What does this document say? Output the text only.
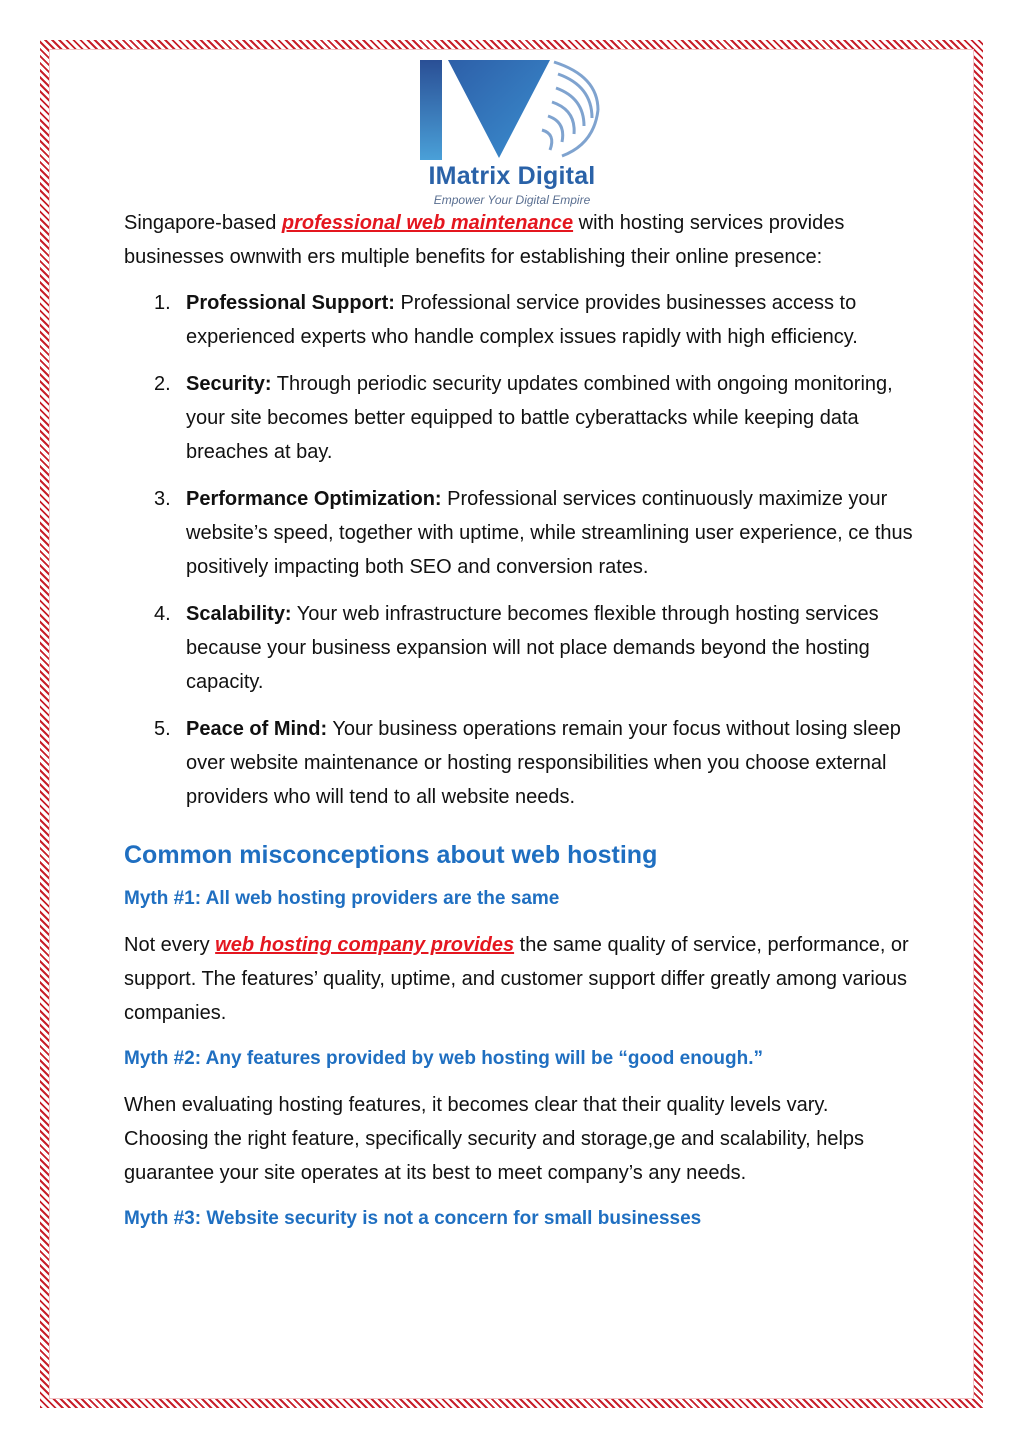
IMatrix Digital
Empower Your Digital Empire

Singapore-based professional web maintenance with hosting services provides businesses ownwith ers multiple benefits for establishing their online presence:

1. Professional Support: Professional service provides businesses access to experienced experts who handle complex issues rapidly with high efficiency.
2. Security: Through periodic security updates combined with ongoing monitoring, your site becomes better equipped to battle cyberattacks while keeping data breaches at bay.
3. Performance Optimization: Professional services continuously maximize your website’s speed, together with uptime, while streamlining user experience, ce thus positively impacting both SEO and conversion rates.
4. Scalability: Your web infrastructure becomes flexible through hosting services because your business expansion will not place demands beyond the hosting capacity.
5. Peace of Mind: Your business operations remain your focus without losing sleep over website maintenance or hosting responsibilities when you choose external providers who will tend to all website needs.
Common misconceptions about web hosting
Myth #1: All web hosting providers are the same

Not every web hosting company provides the same quality of service, performance, or support. The features’ quality, uptime, and customer support differ greatly among various companies.

Myth #2: Any features provided by web hosting will be “good enough.”

When evaluating hosting features, it becomes clear that their quality levels vary. Choosing the right feature, specifically security and storage,ge and scalability, helps guarantee your site operates at its best to meet company’s any needs.

Myth #3: Website security is not a concern for small businesses
